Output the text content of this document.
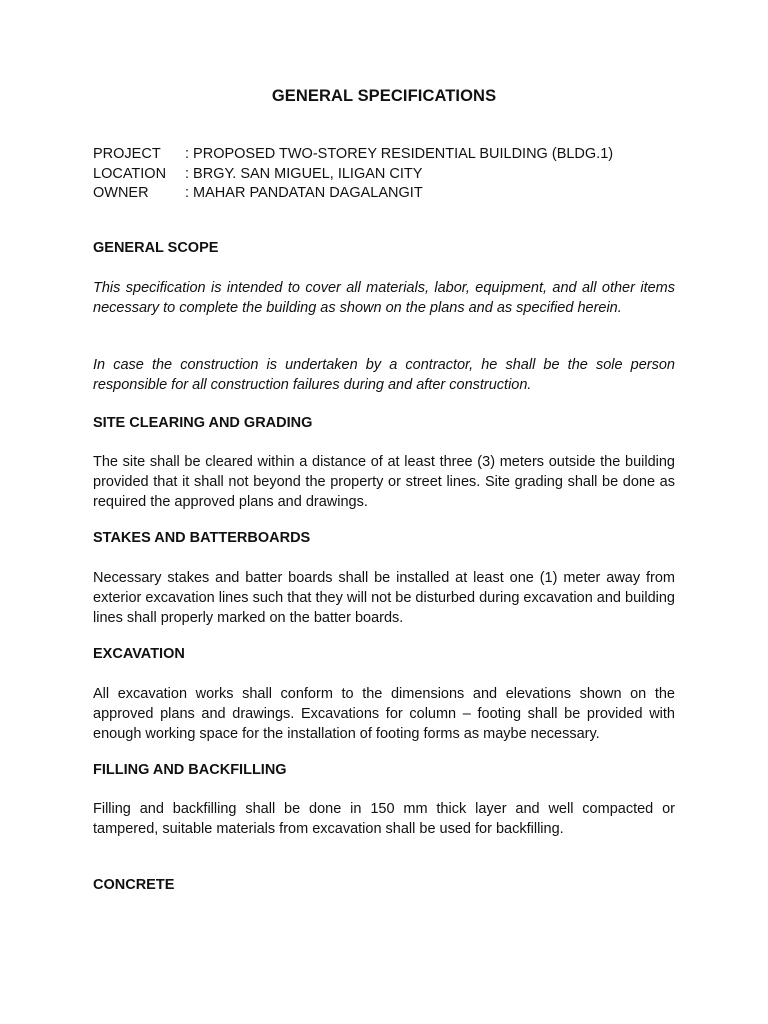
GENERAL SPECIFICATIONS
PROJECT	: PROPOSED TWO-STOREY RESIDENTIAL BUILDING (BLDG.1)
LOCATION	: BRGY. SAN MIGUEL, ILIGAN CITY
OWNER	: MAHAR PANDATAN DAGALANGIT
GENERAL SCOPE
This specification is intended to cover all materials, labor, equipment, and all other items necessary to complete the building as shown on the plans and as specified herein.
In case the construction is undertaken by a contractor, he shall be the sole person responsible for all construction failures during and after construction.
SITE CLEARING AND GRADING
The site shall be cleared within a distance of at least three (3) meters outside the building provided that it shall not beyond the property or street lines. Site grading shall be done as required the approved plans and drawings.
STAKES AND BATTERBOARDS
Necessary stakes and batter boards shall be installed at least one (1) meter away from exterior excavation lines such that they will not be disturbed during excavation and building lines shall properly marked on the batter boards.
EXCAVATION
All excavation works shall conform to the dimensions and elevations shown on the approved plans and drawings. Excavations for column – footing shall be provided with enough working space for the installation of footing forms as maybe necessary.
FILLING AND BACKFILLING
Filling and backfilling shall be done in 150 mm thick layer and well compacted or tampered, suitable materials from excavation shall be used for backfilling.
CONCRETE
